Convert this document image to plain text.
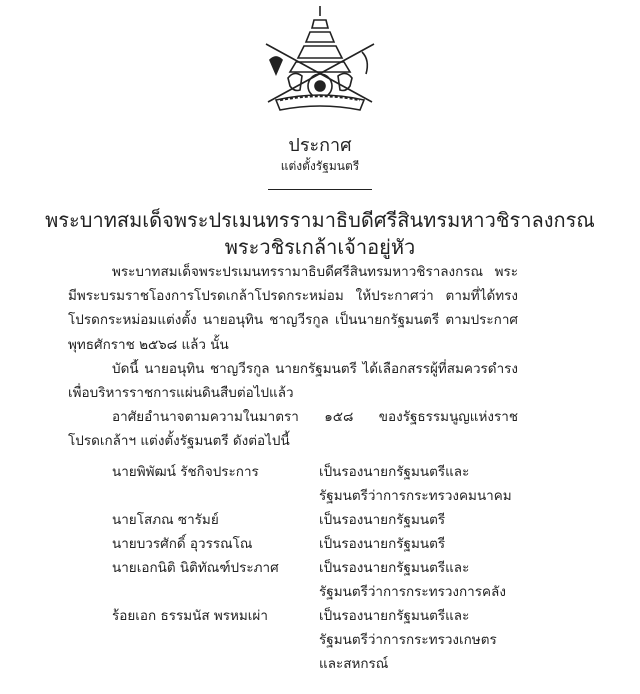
ประกาศ
แต่งตั้งรัฐมนตรี
พระบาทสมเด็จพระปรเมนทรรามาธิบดีศรีสินทรมหาวชิราลงกรณ
พระวชิรเกล้าเจ้าอยู่หัว
พระบาทสมเด็จพระปรเมนทรรามาธิบดีศรีสินทรมหาวชิราลงกรณ พระ
มีพระบรมราชโองการโปรดเกล้าโปรดกระหม่อม ให้ประกาศว่า ตามที่ได้ทรง
โปรดกระหม่อมแต่งตั้ง นายอนุทิน ชาญวีรกูล เป็นนายกรัฐมนตรี ตามประกาศ
พุทธศักราช ๒๕๖๘ แล้ว นั้น
บัดนี้ นายอนุทิน ชาญวีรกูล นายกรัฐมนตรี ได้เลือกสรรผู้ที่สมควรดำรง
เพื่อบริหารราชการแผ่นดินสืบต่อไปแล้ว
อาศัยอำนาจตามความในมาตรา ๑๕๘ ของรัฐธรรมนูญแห่งราช
โปรดเกล้าฯ แต่งตั้งรัฐมนตรี ดังต่อไปนี้
นายพิพัฒน์ รัชกิจประการ	เป็นรองนายกรัฐมนตรีและ
รัฐมนตรีว่าการกระทรวงคมนาคม
นายโสภณ ซารัมย์	เป็นรองนายกรัฐมนตรี
นายบวรศักดิ์ อุวรรณโณ	เป็นรองนายกรัฐมนตรี
นายเอกนิติ นิติทัณฑ์ประภาศ	เป็นรองนายกรัฐมนตรีและ
รัฐมนตรีว่าการกระทรวงการคลัง
ร้อยเอก ธรรมนัส พรหมเผ่า	เป็นรองนายกรัฐมนตรีและ
รัฐมนตรีว่าการกระทรวงเกษตร
และสหกรณ์
